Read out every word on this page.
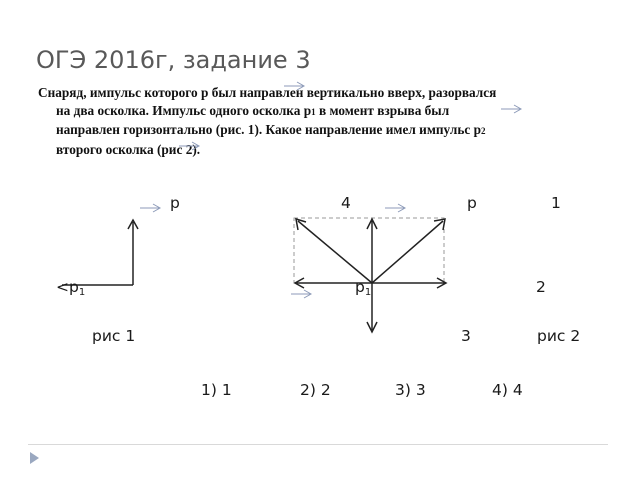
ОГЭ 2016г, задание 3
Снаряд, импульс которого р был направлен вертикально вверх, разорвался
на два осколка. Импульс одного осколка р1 в момент взрыва был
направлен горизонтально (рис. 1). Какое направление имел импульс р2
второго осколка (рис 2).
р
<р1
рис 1
4	р	1
р1	2
3	рис 2
1) 1	2) 2	3) 3	4) 4
